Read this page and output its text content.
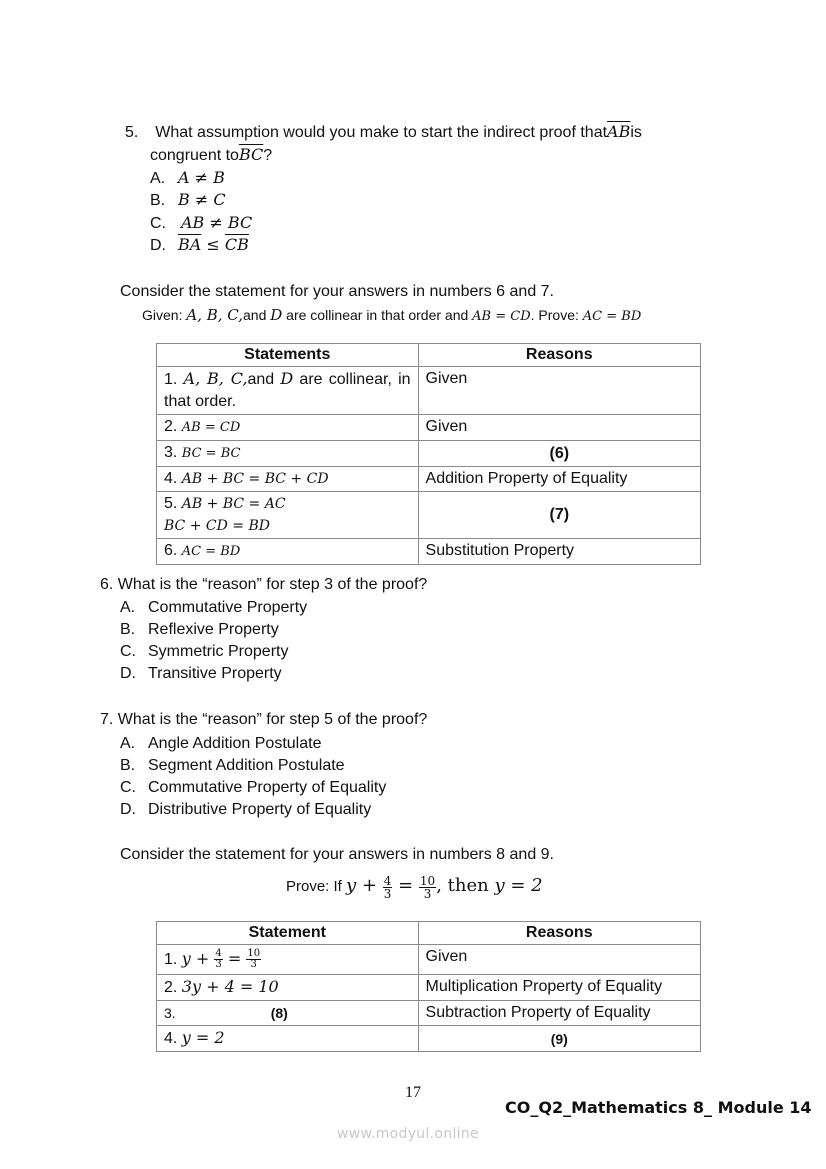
5. What assumption would you make to start the indirect proof $that\overline{AB}is$
congruent $to\overline{BC}$?
A. A ≠ B
B. B ≠ C
C. AB ≠ BC
D. $\overline{BA} \le \overline{CB}$
Consider the statement for your answers in numbers 6 and 7.
Given: A, B, C,and D are collinear in that order and AB = CD. Prove: AC = BD
Statements	Reasons
1. A, B, C,and D are collinear, in that order.	Given
2. AB = CD	Given
3. BC = BC	(6)
4. AB + BC = BC + CD	Addition Property of Equality

5. AB + BC = AC
BC + CD = BD	(7)
6. AC = BD	Substitution Property
6. What is the “reason” for step 3 of the proof?
A. Commutative Property
B. Reflexive Property
C. Symmetric Property
D. Transitive Property
7. What is the “reason” for step 5 of the proof?
A. Angle Addition Postulate
B. Segment Addition Postulate
C. Commutative Property of Equality
D. Distributive Property of Equality
Consider the statement for your answers in numbers 8 and 9.
Prove: If $y + \frac{4}{3} = \frac{10}{3}$ , then y = 2
Statement	Reasons
1. $y + \frac{4}{3} = \frac{10}{3}$	Given
2. 3y + 4 = 10	Multiplication Property of Equality
3. (8)	Subtraction Property of Equality
4. y = 2	(9)
17
CO_Q2_Mathematics 8_ Module 14
www.modyul.online
